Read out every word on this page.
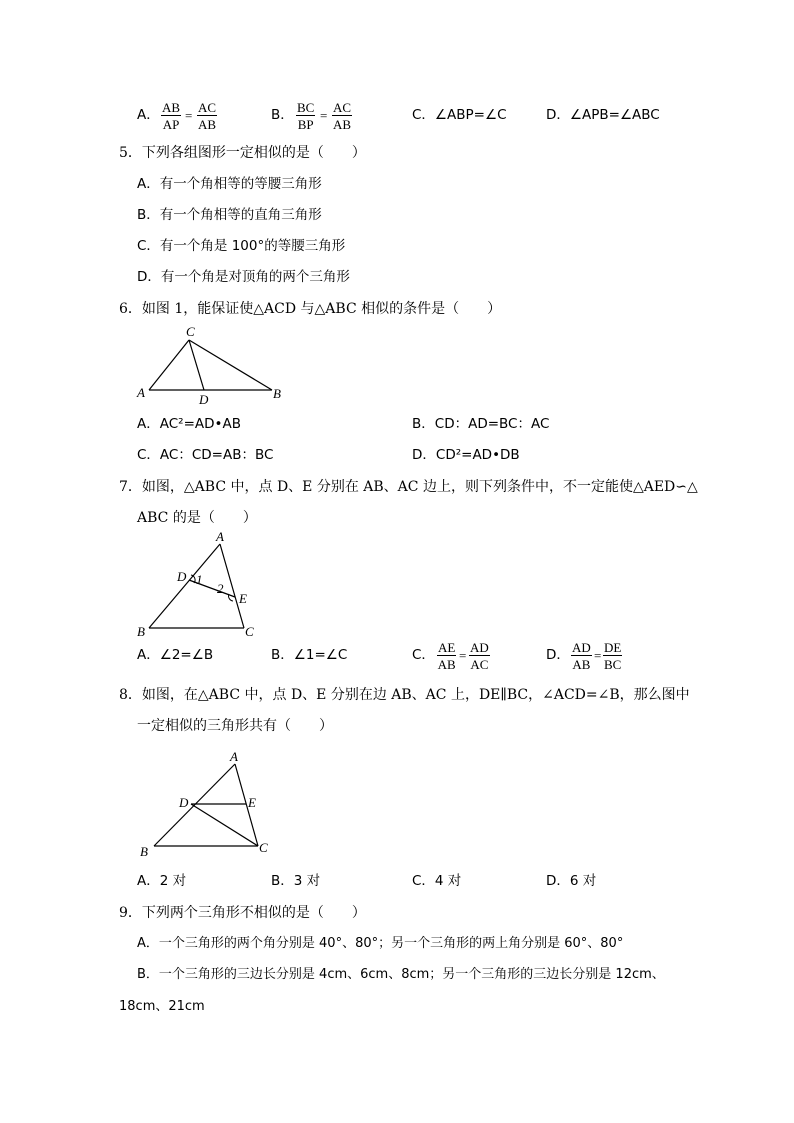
A． $\frac{AB}{AP} = \frac{AC}{AB}$	B． $\frac{BC}{BP} = \frac{AC}{AB}$	C．∠ABP=∠C	D．∠APB=∠ABC
5．下列各组图形一定相似的是（　　）
A．有一个角相等的等腰三角形
B．有一个角相等的直角三角形
C．有一个角是 100°的等腰三角形
D．有一个角是对顶角的两个三角形
6．如图 1，能保证使△ACD 与△ABC 相似的条件是（　　）
C
A	D	B
A．AC²=AD•AB	B．CD：AD=BC：AC
C．AC：CD=AB：BC	D．CD²=AD•DB
7．如图，△ABC 中，点 D、E 分别在 AB、AC 边上，则下列条件中，不一定能使△AED∽△
ABC 的是（　　）
A
D 1
2
E
B	C
A．∠2=∠B	B．∠1=∠C	C． $\frac{AE}{AB} = \frac{AD}{AC}$	D． $\frac{AD}{AB} = \frac{DE}{BC}$
8．如图，在△ABC 中，点 D、E 分别在边 AB、AC 上，DE∥BC，∠ACD=∠B，那么图中
一定相似的三角形共有（　　）
A
D	E
B	C
A．2 对	B．3 对	C．4 对	D．6 对
9．下列两个三角形不相似的是（　　）
A．一个三角形的两个角分别是 40°、80°；另一个三角形的两上角分别是 60°、80°
B．一个三角形的三边长分别是 4cm、6cm、8cm；另一个三角形的三边长分别是 12cm、
18cm、21cm
